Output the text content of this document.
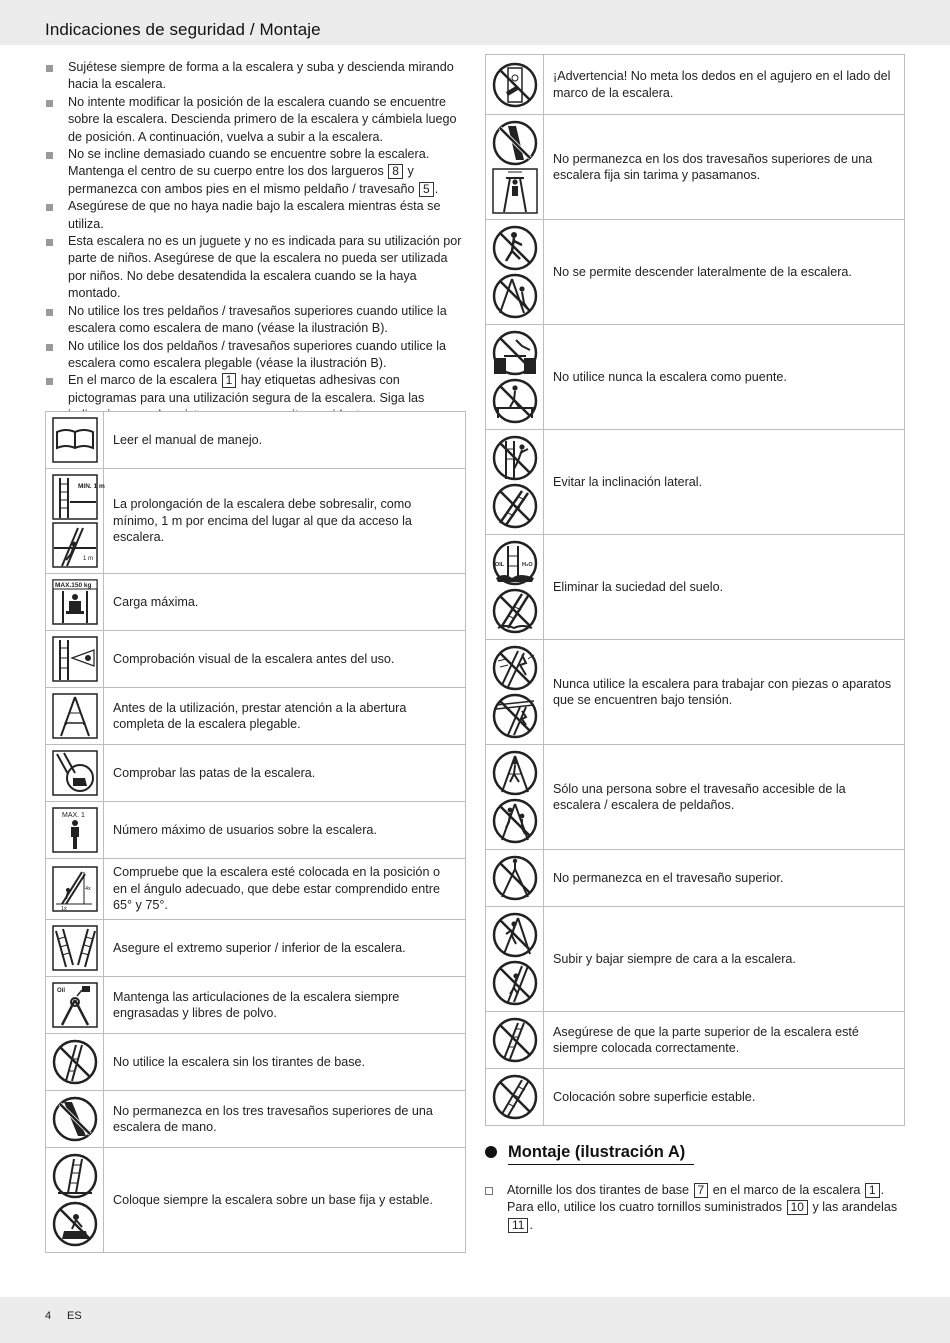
Indicaciones de seguridad / Montaje
Sujétese siempre de forma a la escalera y suba y descienda mirando hacia la escalera.
No intente modificar la posición de la escalera cuando se encuentre sobre la escalera. Descienda primero de la escalera y cámbiela luego de posición. A continuación, vuelva a subir a la escalera.
No se incline demasiado cuando se encuentre sobre la escalera. Mantenga el centro de su cuerpo entre los dos largueros 8 y permanezca con ambos pies en el mismo peldaño / travesaño 5 .
Asegúrese de que no haya nadie bajo la escalera mientras ésta se utiliza.
Esta escalera no es un juguete y no es indicada para su utilización por parte de niños. Asegúrese de que la escalera no pueda ser utilizada por niños. No debe desatendida la escalera cuando se la haya montado.
No utilice los tres peldaños / travesaños superiores cuando utilice la escalera como escalera de mano (véase la ilustración B).
No utilice los dos peldaños / travesaños superiores cuando utilice la escalera como escalera plegable (véase la ilustración B).
En el marco de la escalera 1 hay etiquetas adhesivas con pictogramas para una utilización segura de la escalera. Siga las
	Leer el manual de manejo.

MIN. 1 m
1 m	La prolongación de la escalera debe sobresalir, como mínimo, 1 m por encima del lugar al que da acceso la escalera.

MAX.150 kg	Carga máxima.

	Comprobación visual de la escalera antes del uso.

	Antes de la utilización, prestar atención a la abertura completa de la escalera plegable.

	Comprobar las patas de la escalera.

MAX. 1	Número máximo de usuarios sobre la escalera.

4x
1x	Compruebe que la escalera esté colocada en la posición o en el ángulo adecuado, que debe estar comprendido entre 65° y 75°.

	Asegure el extremo superior / inferior de la escalera.

Oil	Mantenga las articulaciones de la escalera siempre engrasadas y libres de polvo.

	No utilice la escalera sin los tirantes de base.

	No permanezca en los tres travesaños superiores de una escalera de mano.

	Coloque siempre la escalera sobre un base fija y estable.
	¡Advertencia! No meta los dedos en el agujero en el lado del marco de la escalera.

	No permanezca en los dos travesaños superiores de una escalera fija sin tarima y pasamanos.

	No se permite descender lateralmente de la escalera.

	No utilice nunca la escalera como puente.

	Evitar la inclinación lateral.

OIL H₂O	Eliminar la suciedad del suelo.

	Nunca utilice la escalera para trabajar con piezas o aparatos que se encuentren bajo tensión.

	Sólo una persona sobre el travesaño accesible de la escalera / escalera de peldaños.

	No permanezca en el travesaño superior.

	Subir y bajar siempre de cara a la escalera.

	Asegúrese de que la parte superior de la escalera esté siempre colocada correctamente.

	Colocación sobre superficie estable.
Montaje (ilustración A)
Atornille los dos tirantes de base 7 en el marco de la escalera 1 . Para ello, utilice los cuatro tornillos suministrados 10 y las arandelas 11 .
4 ES
